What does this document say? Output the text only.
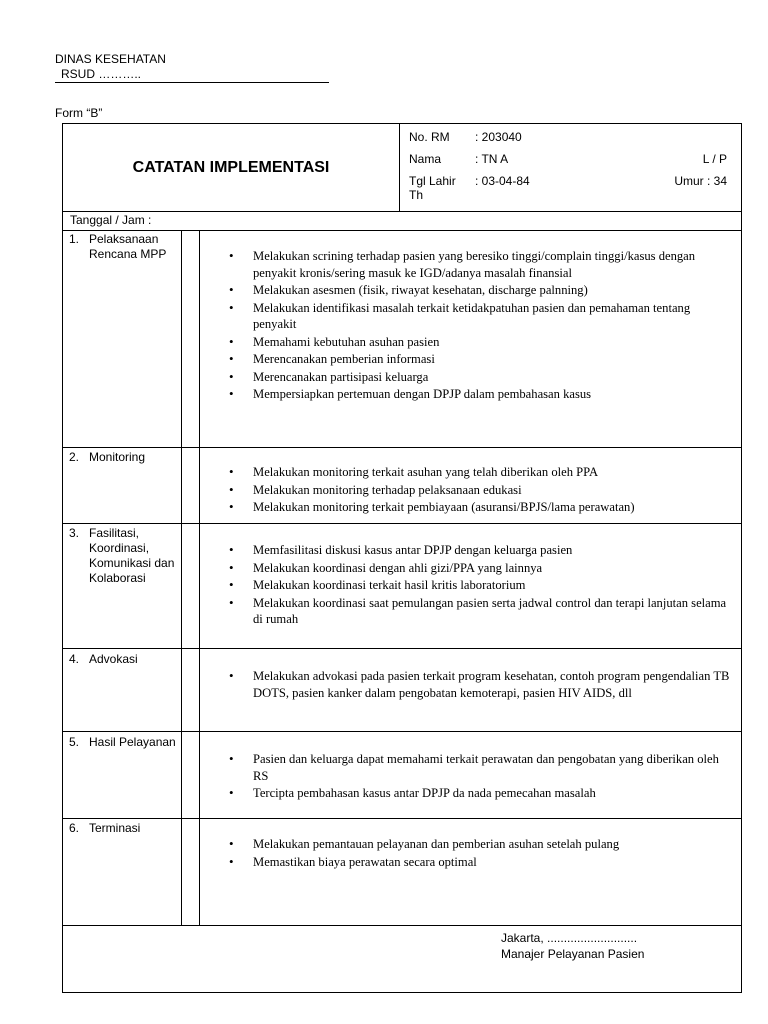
DINAS KESEHATAN
RSUD ………..
Form “B”
CATATAN IMPLEMENTASI
No. RM : 203040
Nama	: TN A	L / P
Tgl Lahir : 03-04-84	Umur : 34
Th
Tanggal / Jam :
1. Pelaksanaan Rencana MPP
•	Melakukan scrining terhadap pasien yang beresiko tinggi/complain tinggi/kasus dengan penyakit kronis/sering masuk ke IGD/adanya masalah finansial
• Melakukan asesmen (fisik, riwayat kesehatan, discharge palnning)
• Melakukan identifikasi masalah terkait ketidakpatuhan pasien dan pemahaman tentang penyakit
• Memahami kebutuhan asuhan pasien
• Merencanakan pemberian informasi
• Merencanakan partisipasi keluarga
• Mempersiapkan pertemuan dengan DPJP dalam pembahasan kasus
2. Monitoring
• Melakukan monitoring terkait asuhan yang telah diberikan oleh PPA
• Melakukan monitoring terhadap pelaksanaan edukasi
• Melakukan monitoring terkait pembiayaan (asuransi/BPJS/lama perawatan)
3. Fasilitasi, Koordinasi, Komunikasi dan Kolaborasi
• Memfasilitasi diskusi kasus antar DPJP dengan keluarga pasien
• Melakukan koordinasi dengan ahli gizi/PPA yang lainnya
• Melakukan koordinasi terkait hasil kritis laboratorium
• Melakukan koordinasi saat pemulangan pasien serta jadwal control dan terapi lanjutan selama di rumah
4. Advokasi
• Melakukan advokasi pada pasien terkait program kesehatan, contoh program pengendalian TB DOTS, pasien kanker dalam pengobatan kemoterapi, pasien HIV AIDS, dll
5. Hasil Pelayanan
• Pasien dan keluarga dapat memahami terkait perawatan dan pengobatan yang diberikan oleh RS
• Tercipta pembahasan kasus antar DPJP da nada pemecahan masalah
6. Terminasi
• Melakukan pemantauan pelayanan dan pemberian asuhan setelah pulang
• Memastikan biaya perawatan secara optimal
Jakarta, ...........................
Manajer Pelayanan Pasien
